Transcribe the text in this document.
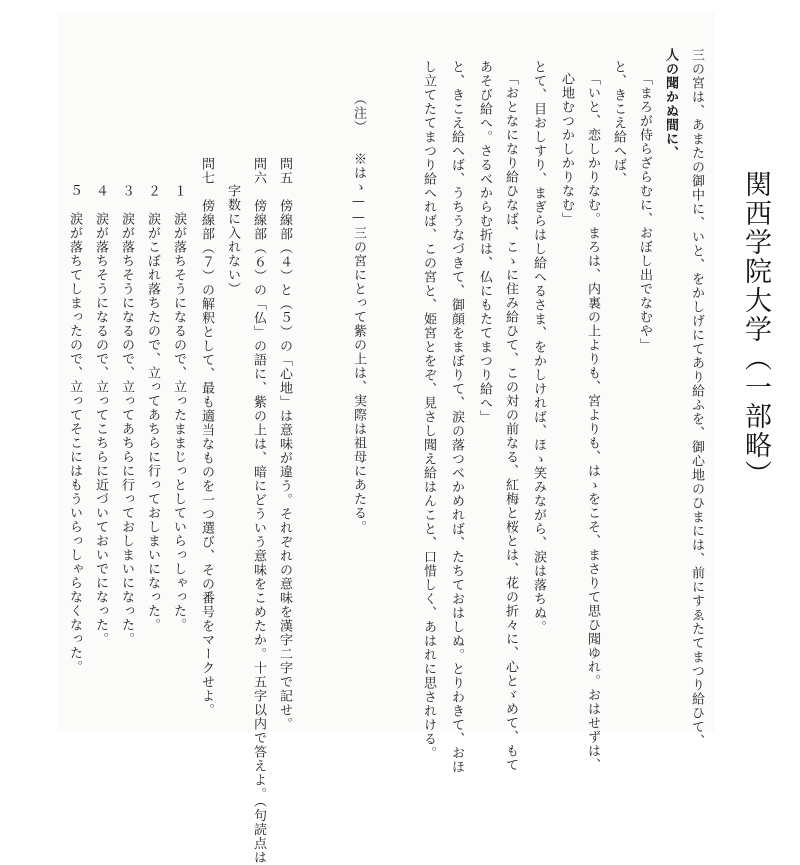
三の宮は、あまたの御中に、いと、をかしげにてあり給ふを、御心地のひまには、前にすゑたてまつり給ひて、

人の聞かぬ間に、

「まろが侍らざらむに、おぼし出でなむや」

と、きこえ給へば、

「いと、恋しかりなむ。まろは、内裏の上よりも、宮よりも、はゝをこそ、まさりて思ひ聞ゆれ。おはせずは、

心地むつかしかりなむ」

とて、目おしすり、まぎらはし給へるさま、をかしければ、ほゝ笑みながら、涙は落ちぬ。

「おとなになり給ひなば、こゝに住み給ひて、この対の前なる、紅梅と桜とは、花の折々に、心とゞめて、もて

あそび給へ。さるべからむ折は、仏にもたてまつり給へ」

と、きこえ給へば、うちうなづきて、御顔をまぼりて、涙の落つべかめれば、たちておはしぬ。とりわきて、おほ

し立てたてまつり給へれば、この宮と、姫宮とをぞ、見さし聞え給はんこと、口惜しく、あはれに思されける。

（注）

※はゝ——三の宮にとって紫の上は、実際は祖母にあたる。

問五　傍線部（４）と（５）の「心地」は意味が違う。それぞれの意味を漢字二字で記せ。

問六　傍線部（６）の「仏」の語に、紫の上は、暗にどういう意味をこめたか。十五字以内で答えよ。（句読点は

字数に入れない）

問七　傍線部（７）の解釈として、最も適当なものを一つ選び、その番号をマークせよ。

１　涙が落ちそうになるので、立ったままじっとしていらっしゃった。

２　涙がこぼれ落ちたので、立ってあちらに行っておしまいになった。

３　涙が落ちそうになるので、立ってあちらに行っておしまいになった。

４　涙が落ちそうになるので、立ってこちらに近づいておいでになった。

５　涙が落ちてしまったので、立ってそこにはもういらっしゃらなくなった。	関西学院大学（一部略）
